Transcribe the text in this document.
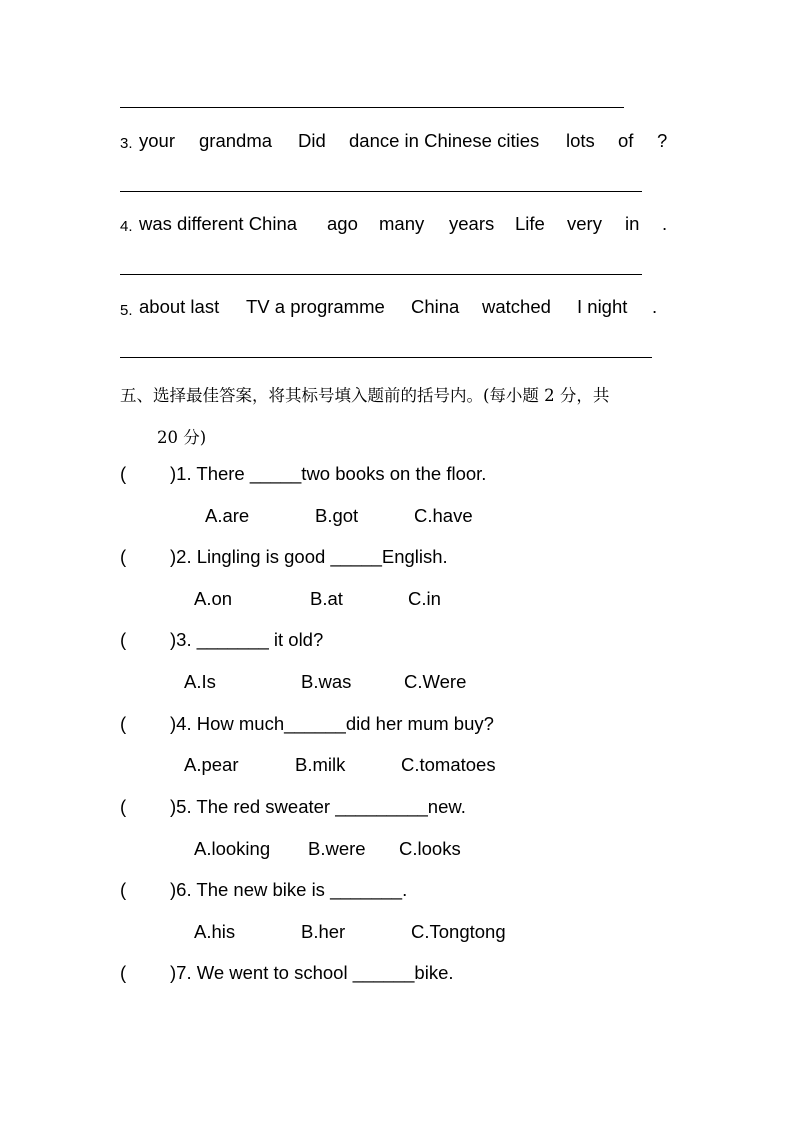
3. your grandma Did dance in Chinese cities lots of ?
4. was different China ago many years Life very in .
5. about last TV a programme China watched I night .
五、选择最佳答案，将其标号填入题前的括号内。(每小题 2 分，共
20 分)
( )1. There _____two books on the floor.
A.are	B.got	C.have
( )2. Lingling is good _____English.
A.on	B.at	C.in
( )3. _______ it old?
A.Is	B.was	C.Were
( )4. How much______did her mum buy?
A.pear	B.milk	C.tomatoes
( )5. The red sweater _________new.
A.looking B.were C.looks
( )6. The new bike is _______.
A.his	B.her	C.Tongtong
( )7. We went to school ______bike.
